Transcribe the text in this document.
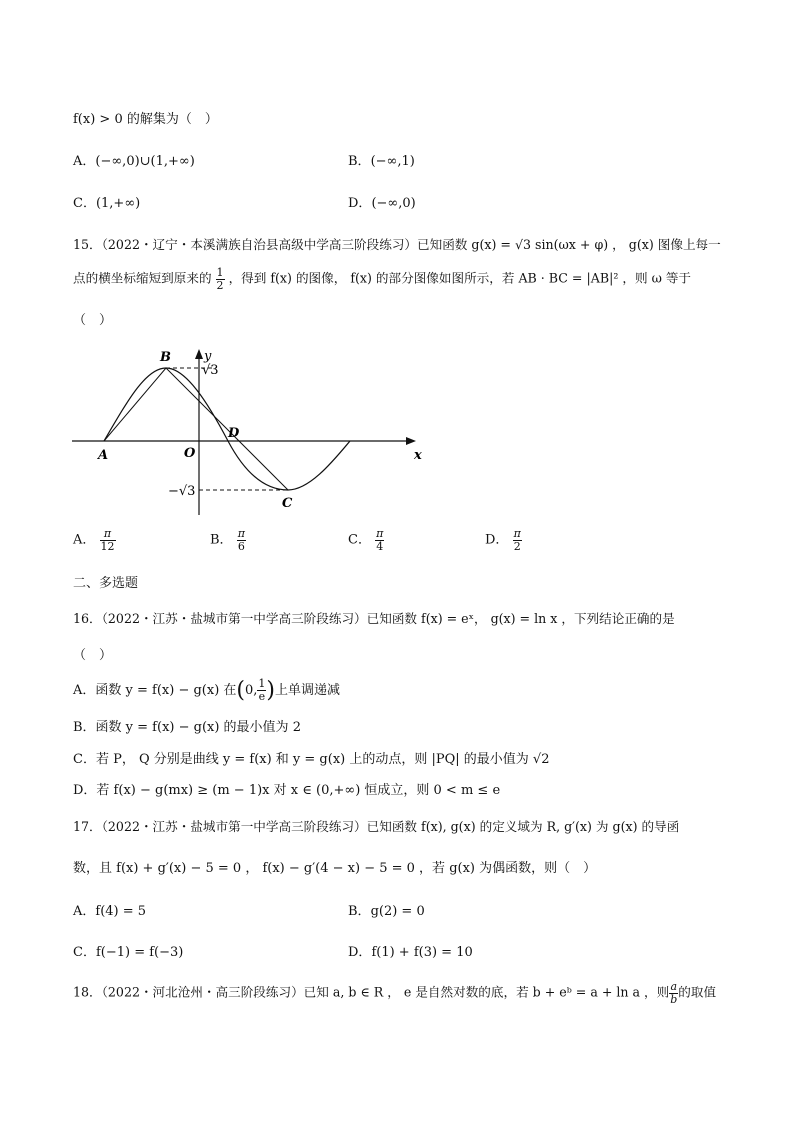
f(x) > 0 的解集为（　）
A．(−∞,0)∪(1,+∞)	B．(−∞,1)
C．(1,+∞)	D．(−∞,0)
15．（2022・辽宁・本溪满族自治县高级中学高三阶段练习）已知函数 g(x) = √3 sin(ωx + φ) ， g(x) 图像上每一
点的横坐标缩短到原来的 $\frac{1}{2}$ ，得到 f(x) 的图像， f(x) 的部分图像如图所示，若 AB · BC = |AB|² ，则 ω 等于
（　）
y
x
B
A	O
D
C
√3
−√3
A． $\frac{\pi}{12}$	B． $\frac{\pi}{6}$	C． $\frac{\pi}{4}$	D． $\frac{\pi}{2}$
二、多选题
16．（2022・江苏・盐城市第一中学高三阶段练习）已知函数 f(x) = eˣ， g(x) = ln x ，下列结论正确的是
（　）
A．函数 y = f(x) − g(x) 在(0, $\frac{1}{e}$ )上单调递减
B．函数 y = f(x) − g(x) 的最小值为 2
C．若 P， Q 分别是曲线 y = f(x) 和 y = g(x) 上的动点，则 |PQ| 的最小值为 √2
D．若 f(x) − g(mx) ≥ (m − 1)x 对 x ∈ (0,+∞) 恒成立，则 0 < m ≤ e
17．（2022・江苏・盐城市第一中学高三阶段练习）已知函数 f(x), g(x) 的定义域为 R, g′(x) 为 g(x) 的导函
数，且 f(x) + g′(x) − 5 = 0 ， f(x) − g′(4 − x) − 5 = 0 ，若 g(x) 为偶函数，则（　）
A．f(4) = 5	B．g(2) = 0
C．f(−1) = f(−3)	D．f(1) + f(3) = 10
18．（2022・河北沧州・高三阶段练习）已知 a, b ∈ R ， e 是自然对数的底，若 b + eᵇ = a + ln a ，则 $\frac{a}{b}$ 的取值
